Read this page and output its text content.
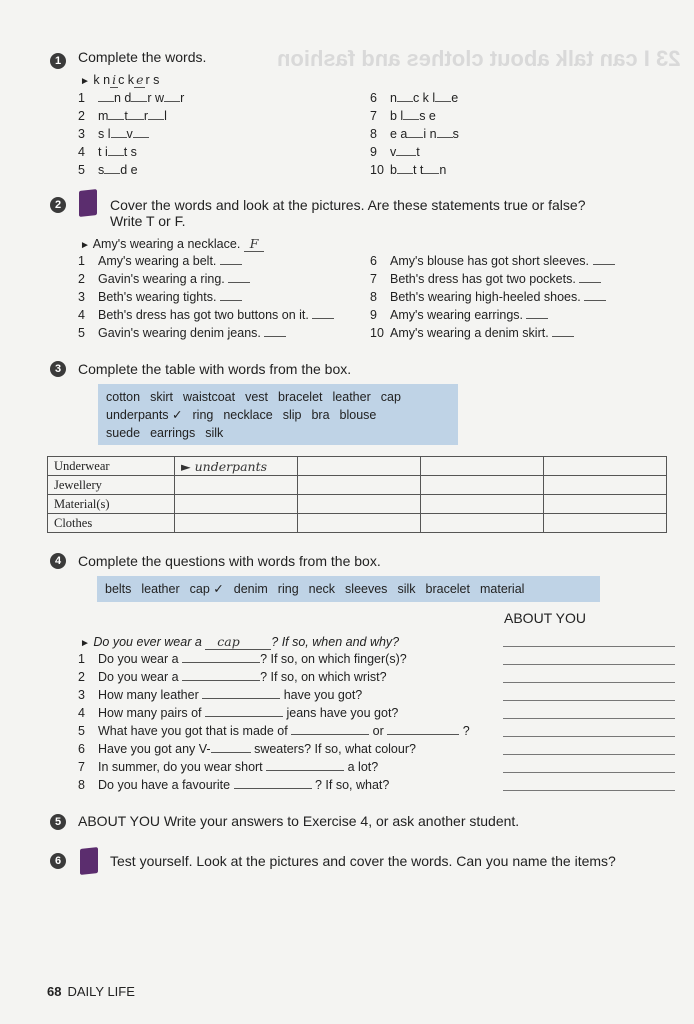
23 I can talk about clothes and fashion
1	Complete the words.
► k n i c k e r s
1 n d r w r
2 m t r l
3 s l v
4 t i t s
5 s d e
6 n c k l e
7 b l s e
8 e a i n s
9 v t
10 b t t n
2	Cover the words and look at the pictures. Are these statements true or false?
Write T or F.
► Amy's wearing a necklace. F
1 Amy's wearing a belt.
2 Gavin's wearing a ring.
3 Beth's wearing tights.
4 Beth's dress has got two buttons on it.
5 Gavin's wearing denim jeans.
6 Amy's blouse has got short sleeves.
7 Beth's dress has got two pockets.
8 Beth's wearing high-heeled shoes.
9 Amy's wearing earrings.
10 Amy's wearing a denim skirt.
3	Complete the table with words from the box.
cotton skirt waistcoat vest bracelet leather cap
underpants ✓ ring necklace slip bra blouse
suede earrings silk
Underwear	► underpants			
Jewellery				
Material(s)				
Clothes				
4	Complete the questions with words from the box.
belts leather cap ✓ denim ring neck sleeves silk bracelet material
ABOUT YOU
► Do you ever wear a cap	? If so, when and why?
1 Do you wear a	? If so, on which finger(s)?
2 Do you wear a	? If so, on which wrist?
3 How many leather	have you got?
4 How many pairs of	jeans have you got?
5 What have you got that is made of	or	?
6 Have you got any V-	sweaters? If so, what colour?
7 In summer, do you wear short	a lot?
8 Do you have a favourite	? If so, what?
5	ABOUT YOU Write your answers to Exercise 4, or ask another student.
6	Test yourself. Look at the pictures and cover the words. Can you name the items?
68 DAILY LIFE
